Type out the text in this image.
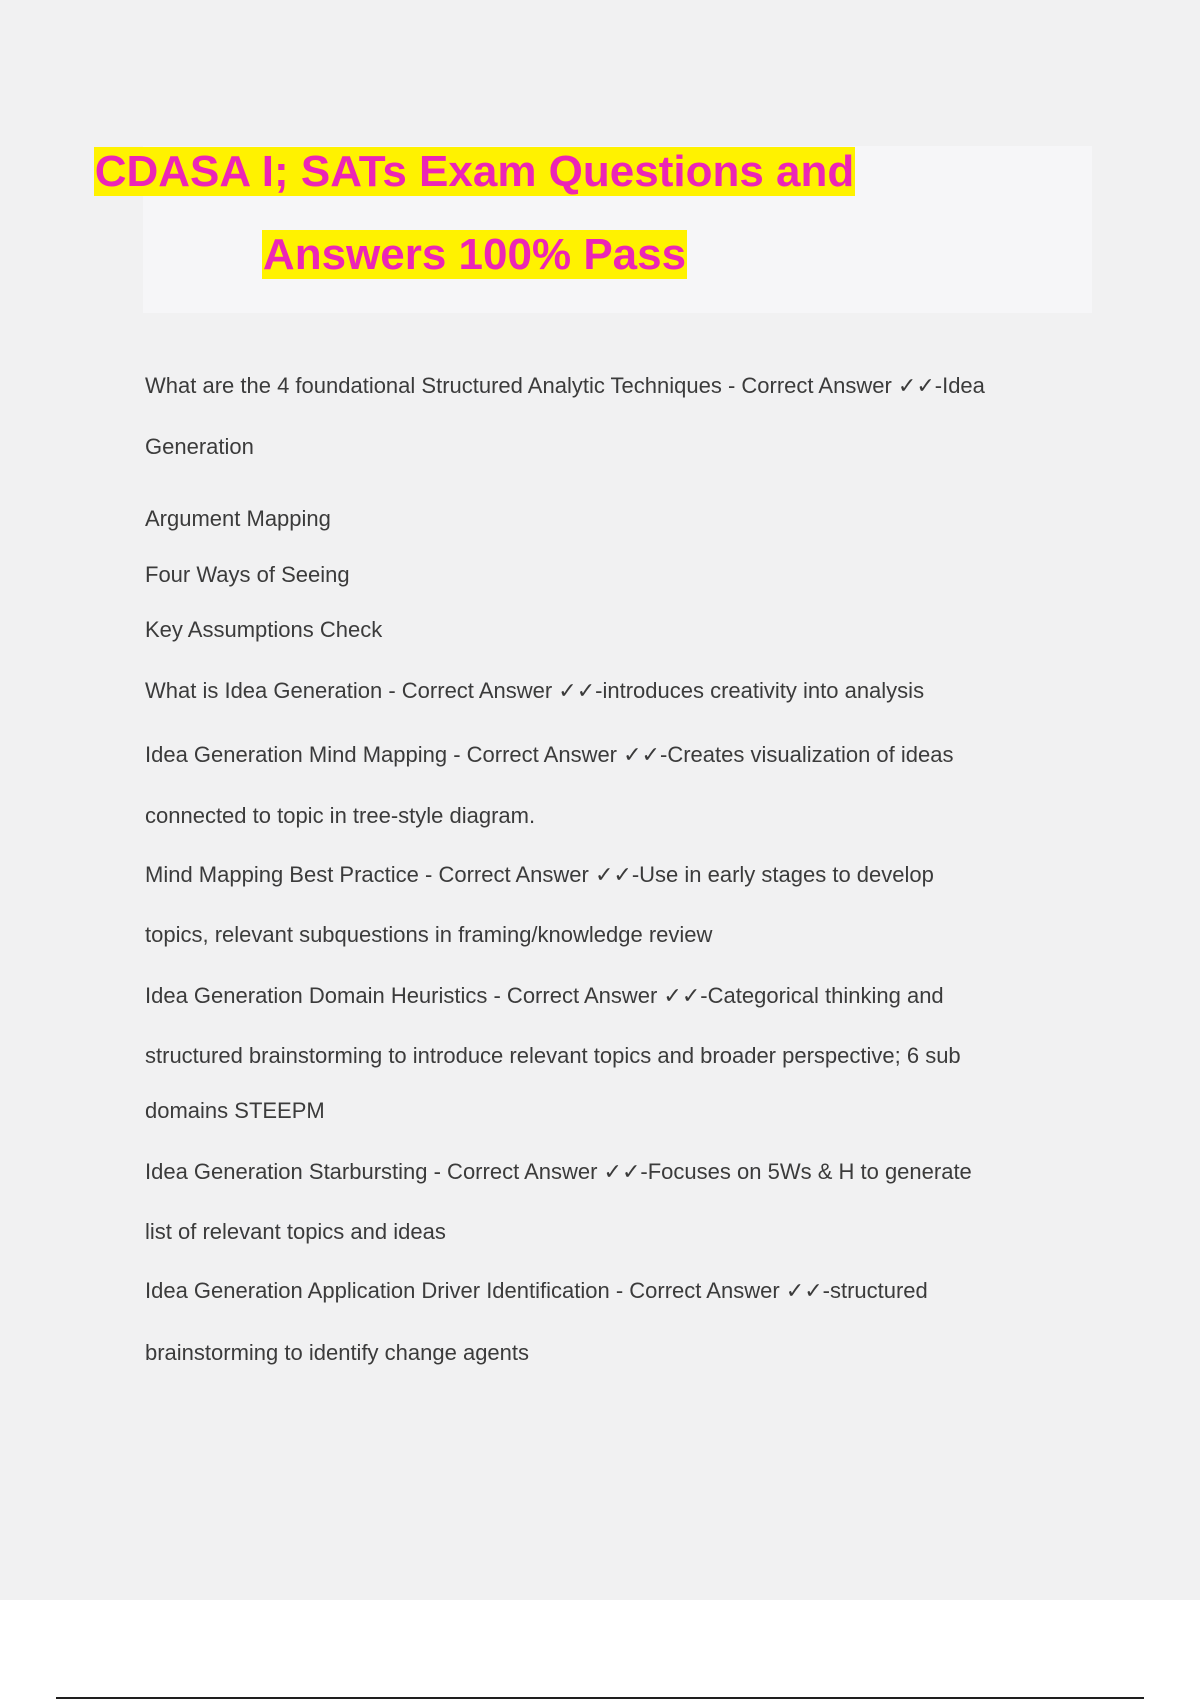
CDASA I; SATs Exam Questions and
Answers 100% Pass
What are the 4 foundational Structured Analytic Techniques - Correct Answer ✓✓-Idea
Generation
Argument Mapping
Four Ways of Seeing
Key Assumptions Check
What is Idea Generation - Correct Answer ✓✓-introduces creativity into analysis
Idea Generation Mind Mapping - Correct Answer ✓✓-Creates visualization of ideas
connected to topic in tree-style diagram.
Mind Mapping Best Practice - Correct Answer ✓✓-Use in early stages to develop
topics, relevant subquestions in framing/knowledge review
Idea Generation Domain Heuristics - Correct Answer ✓✓-Categorical thinking and
structured brainstorming to introduce relevant topics and broader perspective; 6 sub
domains STEEPM
Idea Generation Starbursting - Correct Answer ✓✓-Focuses on 5Ws & H to generate
list of relevant topics and ideas
Idea Generation Application Driver Identification - Correct Answer ✓✓-structured
brainstorming to identify change agents
